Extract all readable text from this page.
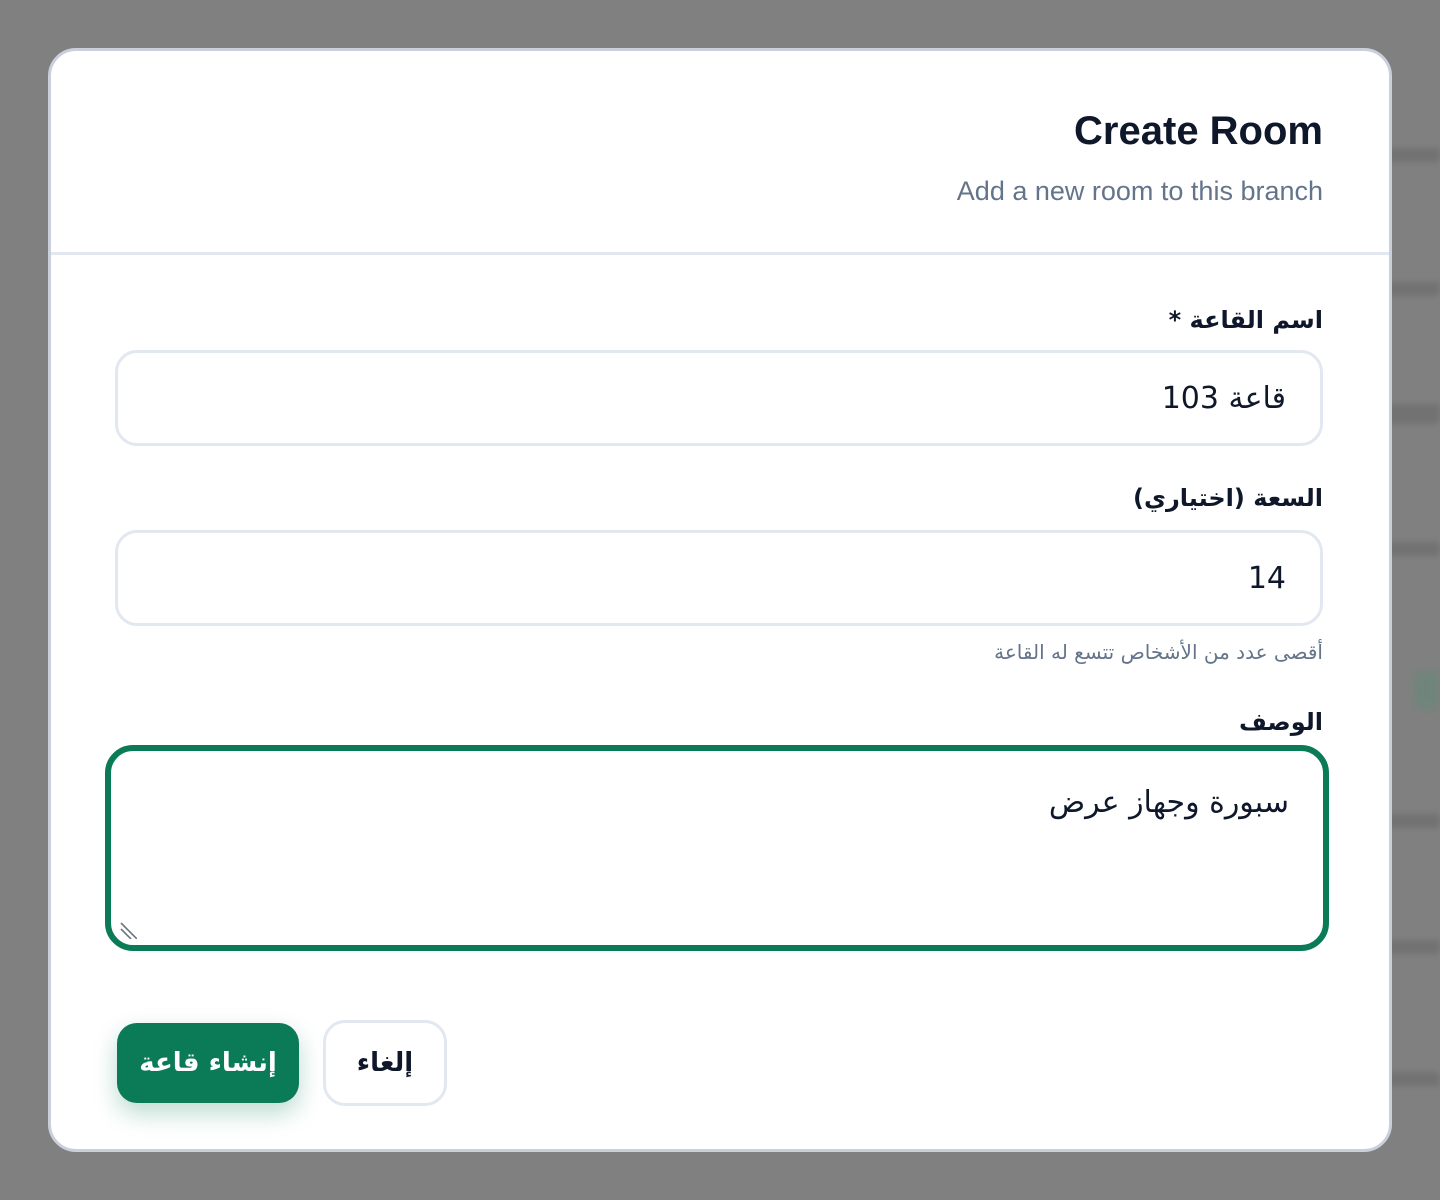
Create Room
Add a new room to this branch
اسم القاعة *
قاعة 103
السعة (اختياري)
14
أقصى عدد من الأشخاص تتسع له القاعة
الوصف
سبورة وجهاز عرض
إنشاء قاعة	إلغاء
